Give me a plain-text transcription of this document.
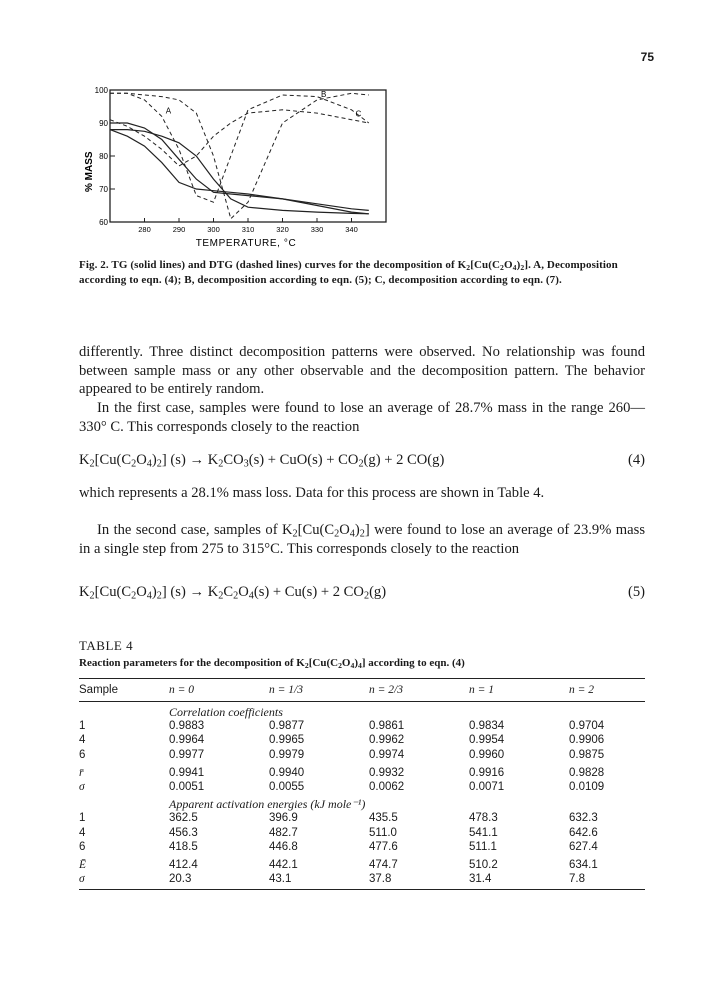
75
100
90
80
70
60
280	290	300	310	320	330	340
A
B
C
% MASS
TEMPERATURE, °C
Fig. 2. TG (solid lines) and DTG (dashed lines) curves for the decomposition of $K_2[Cu(C_2O_4)_2]$. A, Decomposition according to eqn. (4); B, decomposition according to eqn. (5); C, decomposition according to eqn. (7).

differently. Three distinct decomposition patterns were observed. No relationship was found between sample mass or any other observable and the decomposition pattern. The behavior appeared to be entirely random.

In the first case, samples were found to lose an average of 28.7% mass in the range 260—330° C. This corresponds closely to the reaction

$K_2[Cu(C_2O_4)_2] (s) \to K_2CO_3(s) + CuO(s) + CO_2(g) + 2$ CO(g)	(4)

which represents a 28.1% mass loss. Data for this process are shown in Table 4.

In the second case, samples of $K_2[Cu(C_2O_4)_2]$ were found to lose an average of 23.9% mass in a single step from 275 to 315°C. This corresponds closely to the reaction

$K_2[Cu(C_2O_4)_2] (s) \to K_2C_2O_4(s) + Cu(s) + 2$ $CO_2(g)$	(5)
TABLE 4
Reaction parameters for the decomposition of $K_2[Cu(C_2O_4)_4]$ according to eqn. (4)
Sample	n = 0	n = 1/3	n = 2/3	n = 1	n = 2
	Correlation coefficients				
1	0.9883	0.9877	0.9861	0.9834	0.9704
4	0.9964	0.9965	0.9962	0.9954	0.9906
6	0.9977	0.9979	0.9974	0.9960	0.9875
r̄	0.9941	0.9940	0.9932	0.9916	0.9828
σ	0.0051	0.0055	0.0062	0.0071	0.0109
	Apparent activation energies (kJ mole⁻¹)				
1	362.5	396.9	435.5	478.3	632.3
4	456.3	482.7	511.0	541.1	642.6
6	418.5	446.8	477.6	511.1	627.4
Ē	412.4	442.1	474.7	510.2	634.1
σ	20.3	43.1	37.8	31.4	7.8
